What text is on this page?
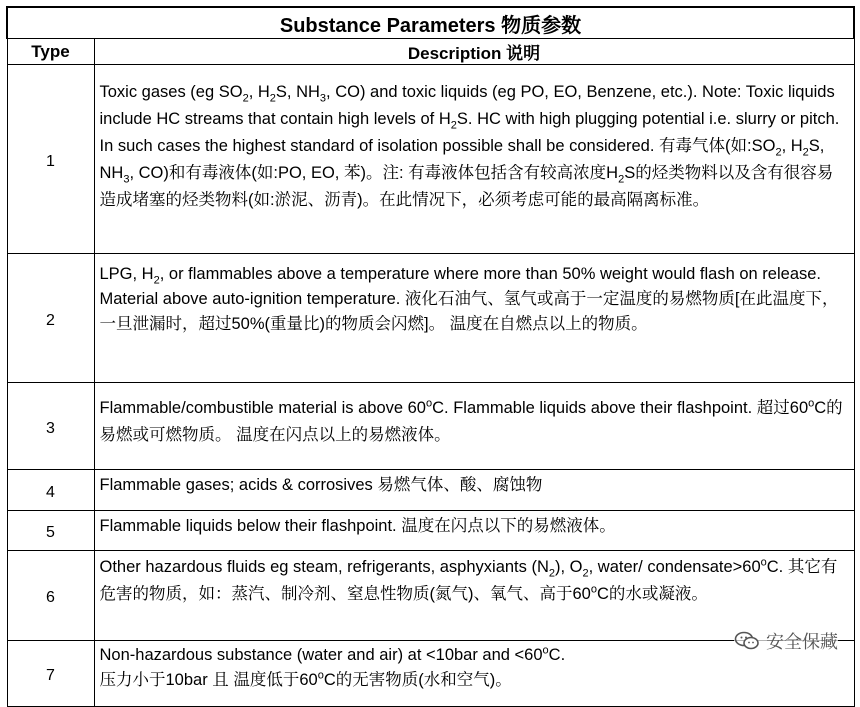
Substance Parameters 物质参数	
Type	Description 说明
1	Toxic gases (eg $SO_2$, $H_2S$, $NH_3$, CO) and toxic liquids (eg PO, EO, Benzene, etc.). Note: Toxic liquids include HC streams that contain high levels of $H_2S$. HC with high plugging potential i.e. slurry or pitch. In such cases the highest standard of isolation possible shall be considered. 有毒气体(如$:SO_2$, $H_2S$, $NH_3$, CO)和有毒液体(如:PO, EO, 苯)。注: 有毒液体包括含有较高浓度$H_2S$的烃类物料以及含有很容易造成堵塞的烃类物料(如:淤泥、沥青)。在此情况下，必须考虑可能的最高隔离标准。

2	LPG, $H_2$, or flammables above a temperature where more than 50% weight would flash on release. Material above auto-ignition temperature. 液化石油气、氢气或高于一定温度的易燃物质[在此温度下，一旦泄漏时，超过50%(重量比)的物质会闪燃]。 温度在自燃点以上的物质。

3	Flammable/combustible material is above 60$^o$C. Flammable liquids above their flashpoint. 超过60$^o$C的易燃或可燃物质。 温度在闪点以上的易燃液体。

4	Flammable gases; acids & corrosives 易燃气体、酸、腐蚀物
5	Flammable liquids below their flashpoint. 温度在闪点以下的易燃液体。
6	Other hazardous fluids eg steam, refrigerants, asphyxiants $(N_2)$, $O_2$, water/ $condensate>60^oC$. 其它有危害的物质，如：蒸汽、制冷剂、窒息性物质(氮气)、氧气、高于60$^o$C的水或凝液。

7	Non-hazardous substance (water and air) at <10bar and $<60^oC$.

压力小于10bar 且 温度低于60$^o$C的无害物质(水和空气)。

安全保藏
